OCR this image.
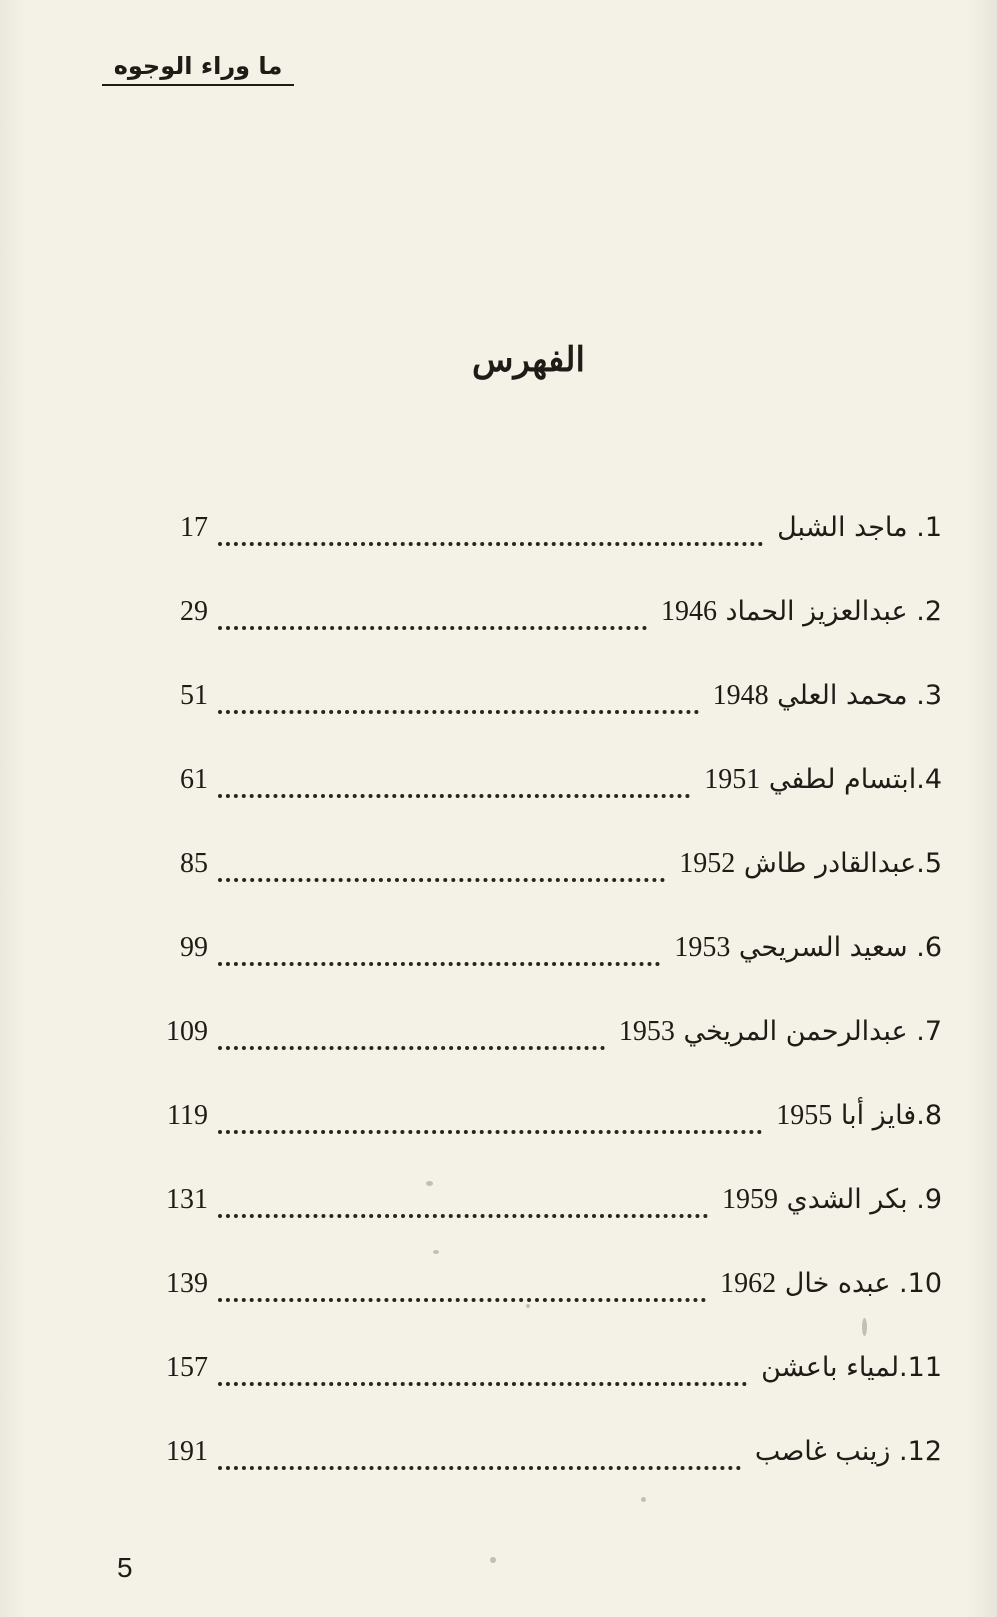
ما وراء الوجوه
الفهرس
17	1. ماجد الشبل
29	2. عبدالعزيز الحماد 1946
51	3. محمد العلي 1948
61	4.ابتسام لطفي 1951
85	5.عبدالقادر طاش 1952
99	6. سعيد السريحي 1953
109	7. عبدالرحمن المريخي 1953
119	8.فايز أبا 1955
131	9. بكر الشدي 1959
139	10. عبده خال 1962
157	11.لمياء باعشن
191	12. زينب غاصب
5
